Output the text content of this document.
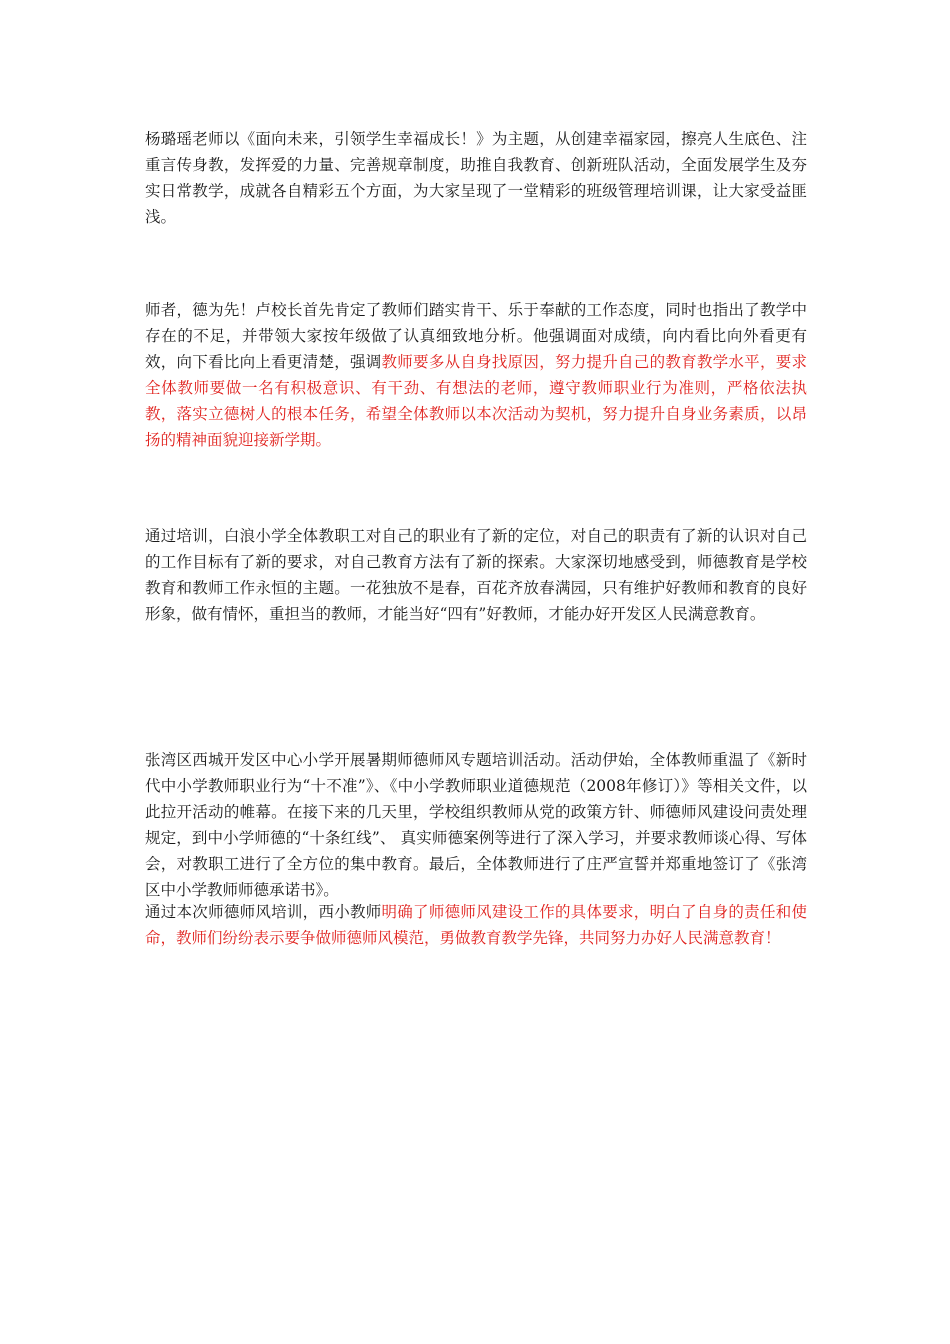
杨璐瑶老师以《面向未来，引领学生幸福成长！》为主题，从创建幸福家园，擦亮人生底色、注重言传身教，发挥爱的力量、完善规章制度，助推自我教育、创新班队活动，全面发展学生及夯实日常教学，成就各自精彩五个方面，为大家呈现了一堂精彩的班级管理培训课，让大家受益匪浅。

师者，德为先！卢校长首先肯定了教师们踏实肯干、乐于奉献的工作态度，同时也指出了教学中存在的不足，并带领大家按年级做了认真细致地分析。他强调面对成绩，向内看比向外看更有效，向下看比向上看更清楚，强调教师要多从自身找原因，努力提升自己的教育教学水平，要求全体教师要做一名有积极意识、有干劲、有想法的老师，遵守教师职业行为准则，严格依法执教，落实立德树人的根本任务，希望全体教师以本次活动为契机，努力提升自身业务素质，以昂扬的精神面貌迎接新学期。

通过培训，白浪小学全体教职工对自己的职业有了新的定位，对自己的职责有了新的认识对自己的工作目标有了新的要求，对自己教育方法有了新的探索。大家深切地感受到，师德教育是学校教育和教师工作永恒的主题。一花独放不是春，百花齐放春满园，只有维护好教师和教育的良好形象，做有情怀，重担当的教师，才能当好“四有”好教师，才能办好开发区人民满意教育。

张湾区西城开发区中心小学开展暑期师德师风专题培训活动。活动伊始，全体教师重温了《新时代中小学教师职业行为“十不准”》、《中小学教师职业道德规范（2008年修订）》等相关文件，以此拉开活动的帷幕。在接下来的几天里，学校组织教师从党的政策方针、师德师风建设问责处理规定，到中小学师德的“十条红线”、 真实师德案例等进行了深入学习，并要求教师谈心得、写体会，对教职工进行了全方位的集中教育。最后，全体教师进行了庄严宣誓并郑重地签订了《张湾区中小学教师师德承诺书》。

通过本次师德师风培训，西小教师明确了师德师风建设工作的具体要求，明白了自身的责任和使命，教师们纷纷表示要争做师德师风模范，勇做教育教学先锋，共同努力办好人民满意教育！
